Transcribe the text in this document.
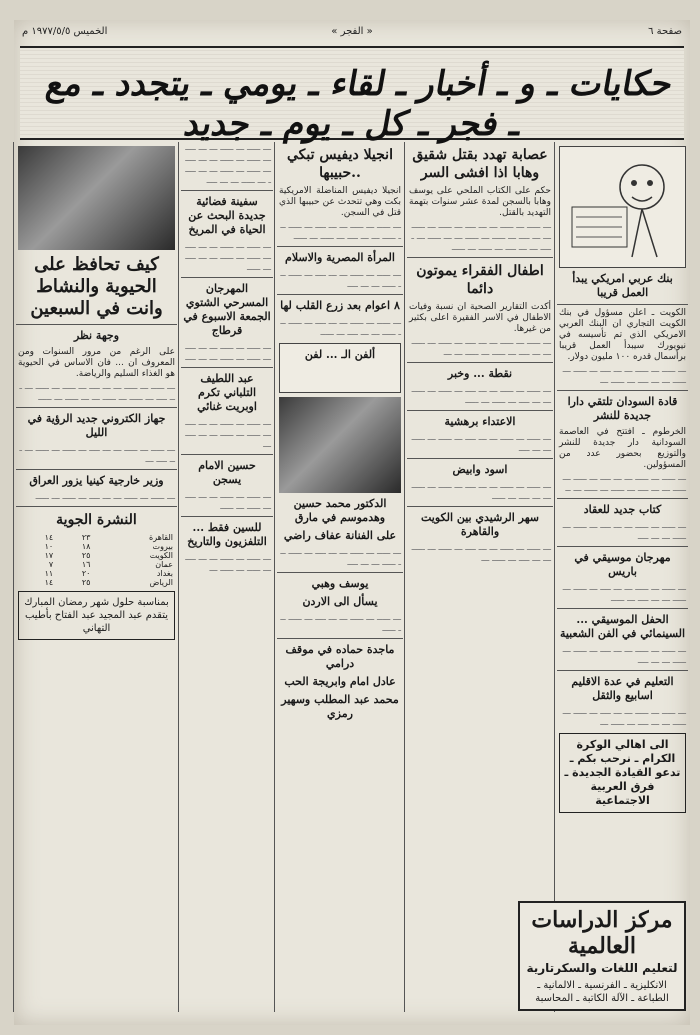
صفحة ٦
« الفجر »
الخميس ١٩٧٧/٥/٥ م
حكايات ـ و ـ أخبار ـ لقاء ـ يومي ـ يتجدد ـ مع ـ فجر ـ كل ـ يوم ـ جديد
بنك عربي امريكي يبدأ العمل قريبا
الكويت ـ اعلن مسؤول في بنك الكويت التجاري ان البنك العربي الامريكي الذي تم تأسيسه في نيويورك سيبدأ العمل قريبا برأسمال قدره ١٠٠ مليون دولار.
ـــ ـــــ ـــ ـــــ ـــ ـــ ــــ ـــ ـــــ ـــ ـــــ ـــ ـــ ــــ ـــ ـــــ ـــ
قادة السودان تلتقي دارا جديدة للنشر
الخرطوم ـ افتتح في العاصمة السودانية دار جديدة للنشر والتوزيع بحضور عدد من المسؤولين.
ـــ ـــــ ـــ ـــــ ـــ ـــ ــــ ـــ ـــــ ـــ ـــــ ـــ ـــ ــــ ـــ ـــــ ـــ ـــــ ـــ ــ
كتاب جديد للعقاد
ـــ ـــــ ـــ ـــــ ـــ ـــ ــــ ـــ ـــــ ـــ ـــــ ـــ ـــ ــــ
مهرجان موسيقي في باريس
ـــ ـــــ ـــ ـــــ ـــ ـــ ــــ ـــ ـــــ ـــ ـــــ ـــ ـــ ــــ ـــ ـــــ
الحفل الموسيقي ... السينمائي في الفن الشعبية
ـــ ـــــ ـــ ـــــ ـــ ـــ ــــ ـــ ـــــ ـــ ـــــ ـــ ـــ ــــ
التعليم في عدة الاقليم اسابيع والثقل
ـــ ـــــ ـــ ـــــ ـــ ـــ ــــ ـــ ـــــ ـــ ـــــ ـــ ـــ ــــ ـــ ـــــ ـــ
الى اهالي الوكرة الكرام ـ نرحب بكم ـ تدعو القيادة الجديدة ـ فرق العربية الاجتماعية
عصابة تهدد بقتل شقيق وهابا اذا افشى السر
حكم على الكتاب الملحي على يوسف وهابا بالسجن لمدة عشر سنوات بتهمة التهديد بالقتل.
ـــ ـــــ ـــ ـــــ ـــ ـــ ــــ ـــ ـــــ ـــ ـــــ ـــ ـــ ــــ ـــ ـــــ ـــ ـــــ ـــ ـــ ـــــ ـــ ـــــ ـــ ـــ ــــ ـــ ـــــ ـــ ـــــ
اطفال الفقراء يموتون دائما
أكدت التقارير الصحية ان نسبة وفيات الاطفال في الاسر الفقيرة اعلى بكثير من غيرها.
ـــ ـــــ ـــ ـــــ ـــ ـــ ــــ ـــ ـــــ ـــ ـــــ ـــ ـــ ــــ ـــ ـــــ ـــ ـــــ ـــ ـــ
نقطة ... وخبر
ـــ ـــــ ـــ ـــــ ـــ ـــ ــــ ـــ ـــــ ـــ ـــــ ـــ ـــ ــــ ـــ ـــــ ـــ ـــــ
الاعتداء برهشية
ـــ ـــــ ـــ ـــــ ـــ ـــ ــــ ـــ ـــــ ـــ ـــــ ـــ ـــ ــــ
اسود وابيض
ـــ ـــــ ـــ ـــــ ـــ ـــ ــــ ـــ ـــــ ـــ ـــــ ـــ ـــ ــــ ـــ ـــــ
سهر الرشيدي بين الكويت والقاهرة
ـــ ـــــ ـــ ـــــ ـــ ـــ ــــ ـــ ـــــ ـــ ـــــ ـــ ـــ ــــ ـــ ـــــ ـــ
انجيلا ديفيس تبكي ..حبيبها
انجيلا ديفيس المناضلة الامريكية بكت وهي تتحدث عن حبيبها الذي قتل في السجن.
ـــ ـــــ ـــ ـــــ ـــ ـــ ــــ ـــ ـــــ ـــ ـــــ ـــ ـــ ــــ ـــ ـــــ ـــ ـــــ
المرأة المصرية والاسلام
ـــ ـــــ ـــ ـــــ ـــ ـــ ــــ ـــ ـــــ ـــ ـــــ ـــ ـــ ــــ
٨ اعوام بعد زرع القلب لها
ـــ ـــــ ـــ ـــــ ـــ ـــ ــــ ـــ ـــــ ـــ ـــــ ـــ ـــ ــــ ـــ ـــــ
ألفن الـ ... لفن
الدكتور محمد حسين وهدموسم في مارق
على الفنانة عفاف راضي
ـــ ـــــ ـــ ـــــ ـــ ـــ ــــ ـــ ـــــ ـــ ـــــ ـــ ـــ ــــ
يوسف وهبي
يسأل الى الاردن
ـــ ـــــ ـــ ـــــ ـــ ـــ ــــ ـــ ـــــ ـــ ـــــ
ماجدة حماده في موقف درامي
عادل امام وابريجة الحب
محمد عبد المطلب وسهير رمزي
ـــ ـــــ ـــ ـــــ ـــ ـــ ــــ ـــ ـــــ ـــ ـــــ ـــ ـــ ــــ ـــ ـــــ ـــ ـــــ ـــ ـــ ـــــ ـــ ـــــ ـــ ـــ ــــ
سفينة فضائية جديدة البحث عن الحياة في المريخ
ـــ ـــــ ـــ ـــــ ـــ ـــ ــــ ـــ ـــــ ـــ ـــــ ـــ ـــ ــــ ـــ ـــــ
المهرجان المسرحي الشتوي الجمعة الاسبوع في قرطاج
ـــ ـــــ ـــ ـــــ ـــ ـــ ــــ ـــ ـــــ ـــ ـــــ ـــ ـــ ــــ
عبد اللطيف التلباني تكرم اوبريت غنائي
ـــ ـــــ ـــ ـــــ ـــ ـــ ــــ ـــ ـــــ ـــ ـــــ ـــ ـــ ــــ ـــ
حسين الامام يسجن
ـــ ـــــ ـــ ـــــ ـــ ـــ ــــ ـــ ـــــ ـــ ـــــ
للسين فقط ... التلفزيون والتاريخ
ـــ ـــــ ـــ ـــــ ـــ ـــ ــــ ـــ ـــــ ـــ ـــــ ـــ
كيف تحافظ على الحيوية والنشاط وانت في السبعين
وجهة نظر
على الرغم من مرور السنوات ومن المعروف ان ... فان الاساس في الحيوية هو الغذاء السليم والرياضة.
ـــ ـــــ ـــ ـــــ ـــ ـــ ــــ ـــ ـــــ ـــ ـــــ ـــ ـــ ــــ ـــ ـــــ ـــ ـــــ ـــ ـــ ـــــ ـــ ـــــ
جهاز الكتروني جديد الرؤية في الليل
ـــ ـــــ ـــ ـــــ ـــ ـــ ــــ ـــ ـــــ ـــ ـــــ ـــ ـــ ــــ ـــ
وزير خارجية كينيا يزور العراق
ـــ ـــــ ـــ ـــــ ـــ ـــ ــــ ـــ ـــــ ـــ ـــــ
النشرة الجوية
القاهرة	٢٣	١٤
بيروت	١٨	١٠
الكويت	٢٥	١٧
عمان	١٦	٧
بغداد	٢٠	١١
الرياض	٢٥	١٤
بمناسبة حلول شهر رمضان المبارك يتقدم عبد المجيد عبد الفتاح بأطيب التهاني
مركز الدراسات العالمية
لتعليم اللغات والسكرتارية
الانكليزية ـ الفرنسية ـ الالمانية ـ الطباعة ـ الآلة الكاتبة ـ المحاسبة
